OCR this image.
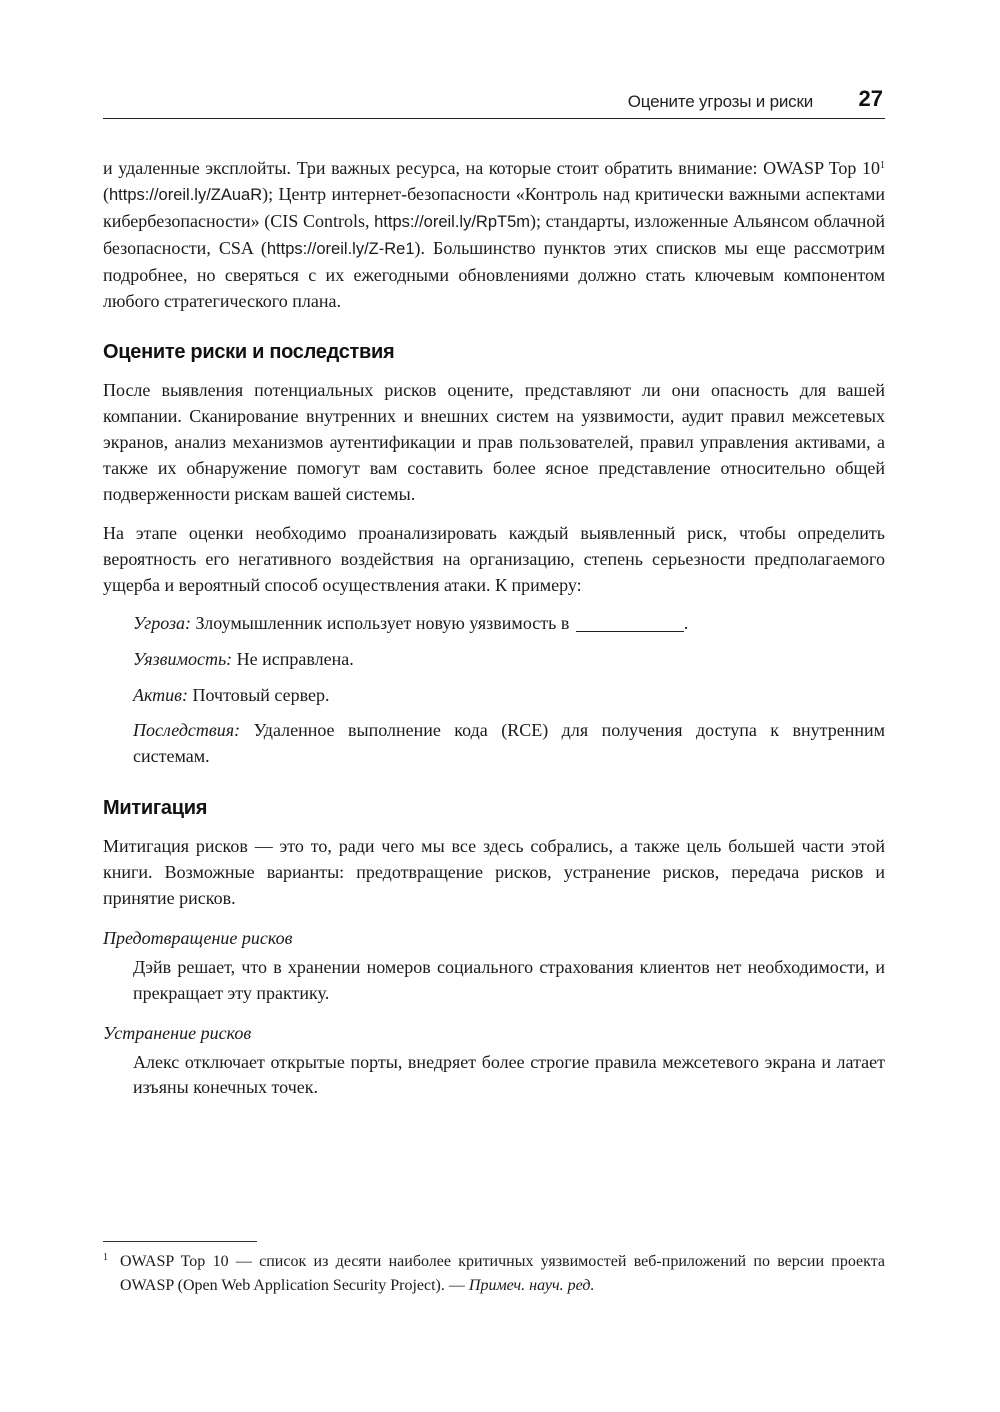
Оцените угрозы и риски 27

и удаленные эксплойты. Три важных ресурса, на которые стоит обратить внимание: OWASP Top $10^1$ (https://oreil.ly/ZAuaR); Центр интернет-безопасности «Контроль над критически важными аспектами кибербезопасности» (CIS Controls, https://oreil.ly/RpT5m); стандарты, изложенные Альянсом облачной безопасности, CSA (https://oreil.ly/Z-Re1). Большинство пунктов этих списков мы еще рассмотрим подробнее, но сверяться с их ежегодными обновлениями должно стать ключевым компонентом любого стратегического плана.

Оцените риски и последствия

После выявления потенциальных рисков оцените, представляют ли они опасность для вашей компании. Сканирование внутренних и внешних систем на уязвимости, аудит правил межсетевых экранов, анализ механизмов аутентификации и прав пользователей, правил управления активами, а также их обнаружение помогут вам составить более ясное представление относительно общей подверженности рискам вашей системы.

На этапе оценки необходимо проанализировать каждый выявленный риск, чтобы определить вероятность его негативного воздействия на организацию, степень серьезности предполагаемого ущерба и вероятный способ осуществления атаки. К примеру:

Угроза: Злоумышленник использует новую уязвимость в	.

Уязвимость: Не исправлена.

Актив: Почтовый сервер.

Последствия: Удаленное выполнение кода (RCE) для получения доступа к внутренним системам.

Митигация

Митигация рисков — это то, ради чего мы все здесь собрались, а также цель большей части этой книги. Возможные варианты: предотвращение рисков, устранение рисков, передача рисков и принятие рисков.

Предотвращение рисков

Дэйв решает, что в хранении номеров социального страхования клиентов нет необходимости, и прекращает эту практику.

Устранение рисков

Алекс отключает открытые порты, внедряет более строгие правила межсетевого экрана и латает изъяны конечных точек.

1 OWASP Top 10 — список из десяти наиболее критичных уязвимостей веб-приложений по версии проекта OWASP (Open Web Application Security Project). — Примеч. науч. ред.
